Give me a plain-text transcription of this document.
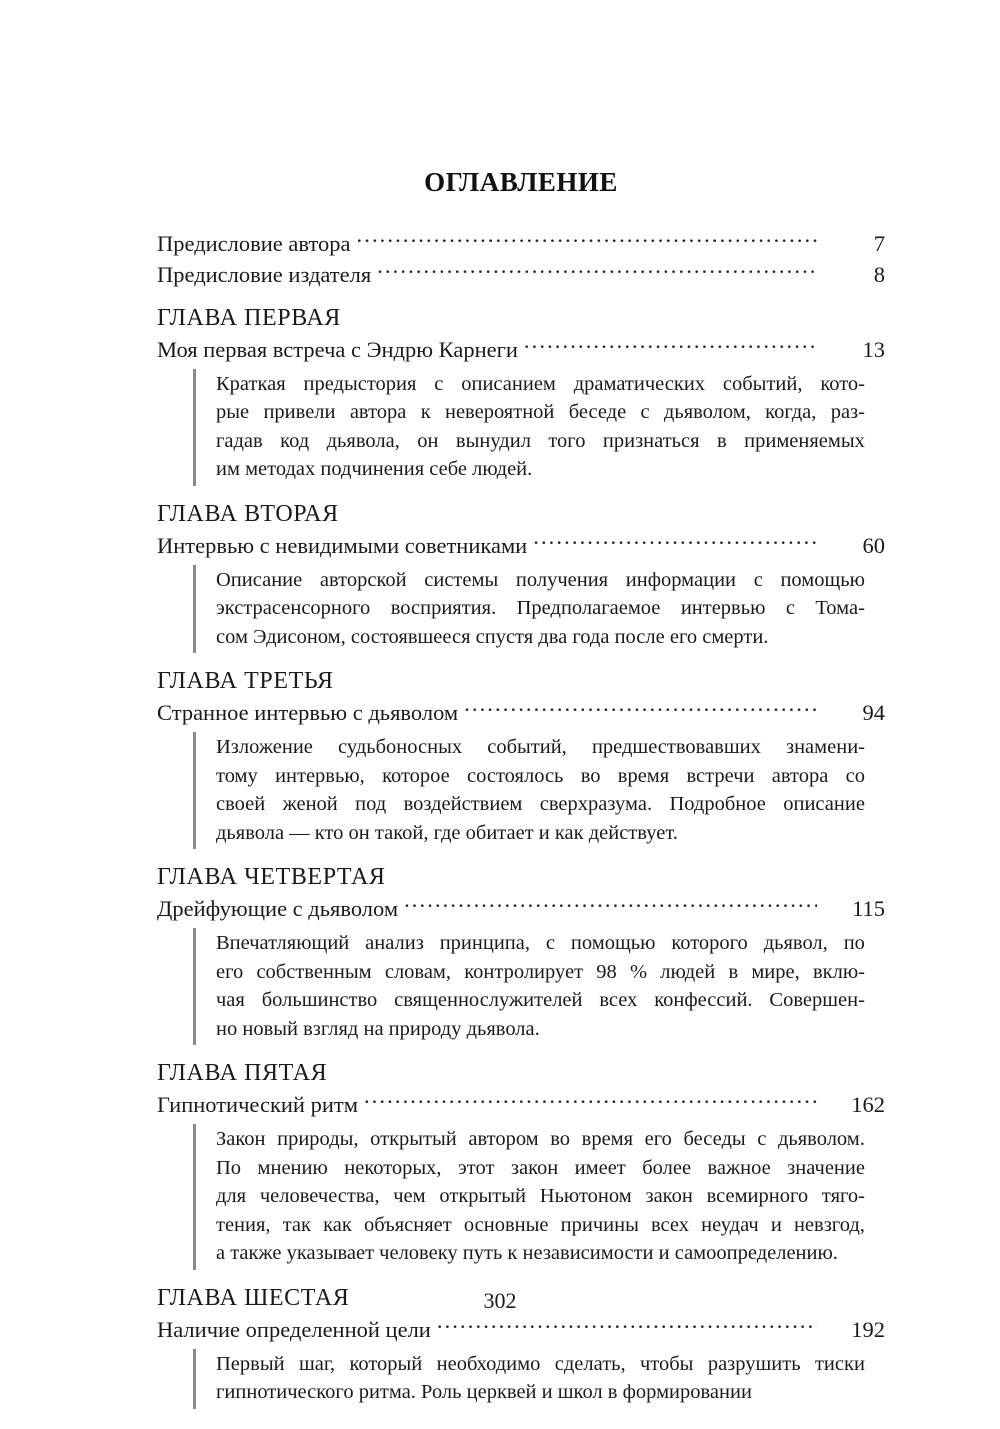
ОГЛАВЛЕНИЕ
Предисловие автора .....	7
Предисловие издателя .....	8
ГЛАВА ПЕРВАЯ
Моя первая встреча с Эндрю Карнеги .....	13
Краткая предыстория с описанием драматических событий, кото-
рые привели автора к невероятной беседе с дьяволом, когда, раз-
гадав код дьявола, он вынудил того признаться в применяемых
им методах подчинения себе людей.
ГЛАВА ВТОРАЯ
Интервью с невидимыми советниками .....	60
Описание авторской системы получения информации с помощью
экстрасенсорного восприятия. Предполагаемое интервью с Тома-
сом Эдисоном, состоявшееся спустя два года после его смерти.
ГЛАВА ТРЕТЬЯ
Странное интервью с дьяволом .....	94
Изложение судьбоносных событий, предшествовавших знамени-
тому интервью, которое состоялось во время встречи автора со
своей женой под воздействием сверхразума. Подробное описание
дьявола — кто он такой, где обитает и как действует.
ГЛАВА ЧЕТВЕРТАЯ
Дрейфующие с дьяволом .....	115
Впечатляющий анализ принципа, с помощью которого дьявол, по
его собственным словам, контролирует 98 % людей в мире, вклю-
чая большинство священнослужителей всех конфессий. Совершен-
но новый взгляд на природу дьявола.
ГЛАВА ПЯТАЯ
Гипнотический ритм .....	162
Закон природы, открытый автором во время его беседы с дьяволом.
По мнению некоторых, этот закон имеет более важное значение
для человечества, чем открытый Ньютоном закон всемирного тяго-
тения, так как объясняет основные причины всех неудач и невзгод,
а также указывает человеку путь к независимости и самоопределению.
ГЛАВА ШЕСТАЯ
Наличие определенной цели .....	192
Первый шаг, который необходимо сделать, чтобы разрушить тиски
гипнотического ритма. Роль церквей и школ в формировании
302
